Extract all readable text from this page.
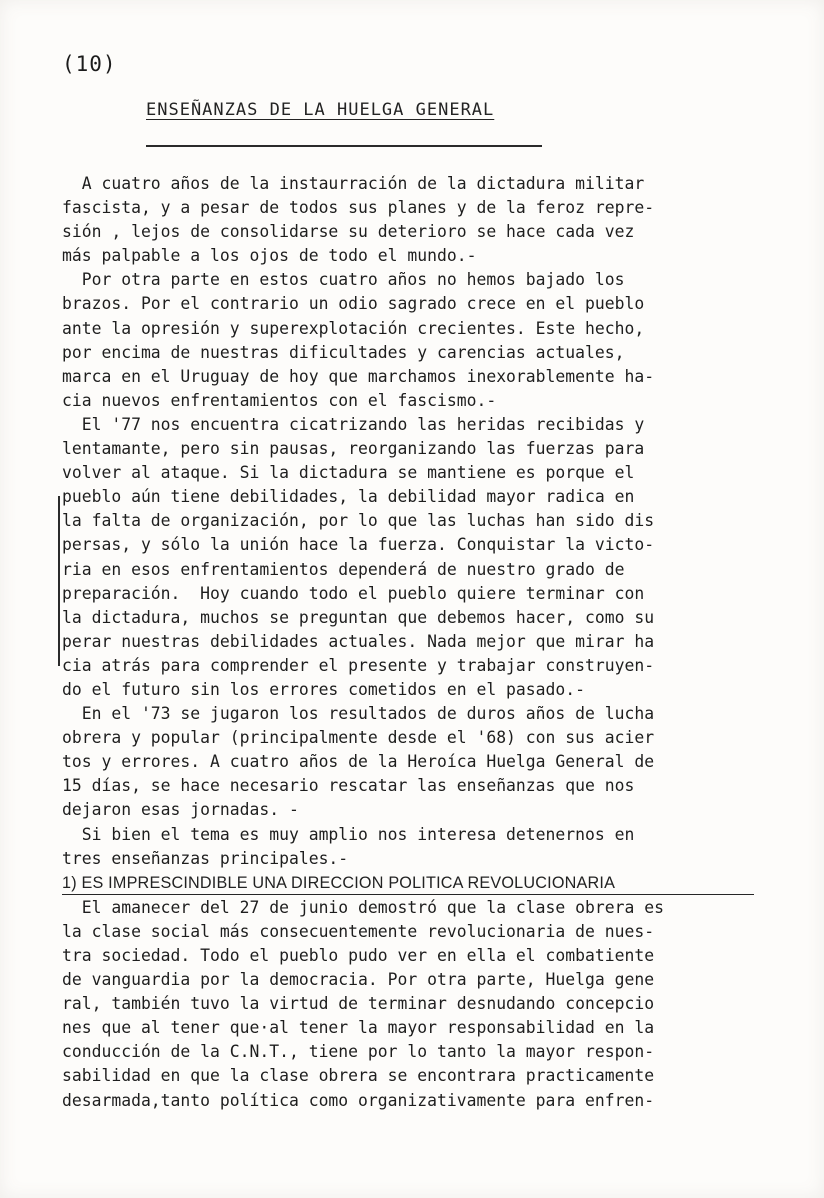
(10)
ENSEÑANZAS DE LA HUELGA GENERAL
A cuatro años de la instaurración de la dictadura militar
fascista, y a pesar de todos sus planes y de la feroz repre-
sión , lejos de consolidarse su deterioro se hace cada vez
más palpable a los ojos de todo el mundo.-
Por otra parte en estos cuatro años no hemos bajado los
brazos. Por el contrario un odio sagrado crece en el pueblo
ante la opresión y superexplotación crecientes. Este hecho,
por encima de nuestras dificultades y carencias actuales,
marca en el Uruguay de hoy que marchamos inexorablemente ha-
cia nuevos enfrentamientos con el fascismo.-
El '77 nos encuentra cicatrizando las heridas recibidas y
lentamante, pero sin pausas, reorganizando las fuerzas para
volver al ataque. Si la dictadura se mantiene es porque el
pueblo aún tiene debilidades, la debilidad mayor radica en
la falta de organización, por lo que las luchas han sido dis
persas, y sólo la unión hace la fuerza. Conquistar la victo-
ria en esos enfrentamientos dependerá de nuestro grado de
preparación.  Hoy cuando todo el pueblo quiere terminar con
la dictadura, muchos se preguntan que debemos hacer, como su
perar nuestras debilidades actuales. Nada mejor que mirar ha
cia atrás para comprender el presente y trabajar construyen-
do el futuro sin los errores cometidos en el pasado.-
En el '73 se jugaron los resultados de duros años de lucha
obrera y popular (principalmente desde el '68) con sus acier
tos y errores. A cuatro años de la Heroíca Huelga General de
15 días, se hace necesario rescatar las enseñanzas que nos
dejaron esas jornadas. -
Si bien el tema es muy amplio nos interesa detenernos en
tres enseñanzas principales.-
1) ES IMPRESCINDIBLE UNA DIRECCION POLITICA REVOLUCIONARIA
El amanecer del 27 de junio demostró que la clase obrera es
la clase social más consecuentemente revolucionaria de nues-
tra sociedad. Todo el pueblo pudo ver en ella el combatiente
de vanguardia por la democracia. Por otra parte, Huelga gene
ral, también tuvo la virtud de terminar desnudando concepcio
nes que al tener que·al tener la mayor responsabilidad en la
conducción de la C.N.T., tiene por lo tanto la mayor respon-
sabilidad en que la clase obrera se encontrara practicamente
desarmada,tanto política como organizativamente para enfren-
